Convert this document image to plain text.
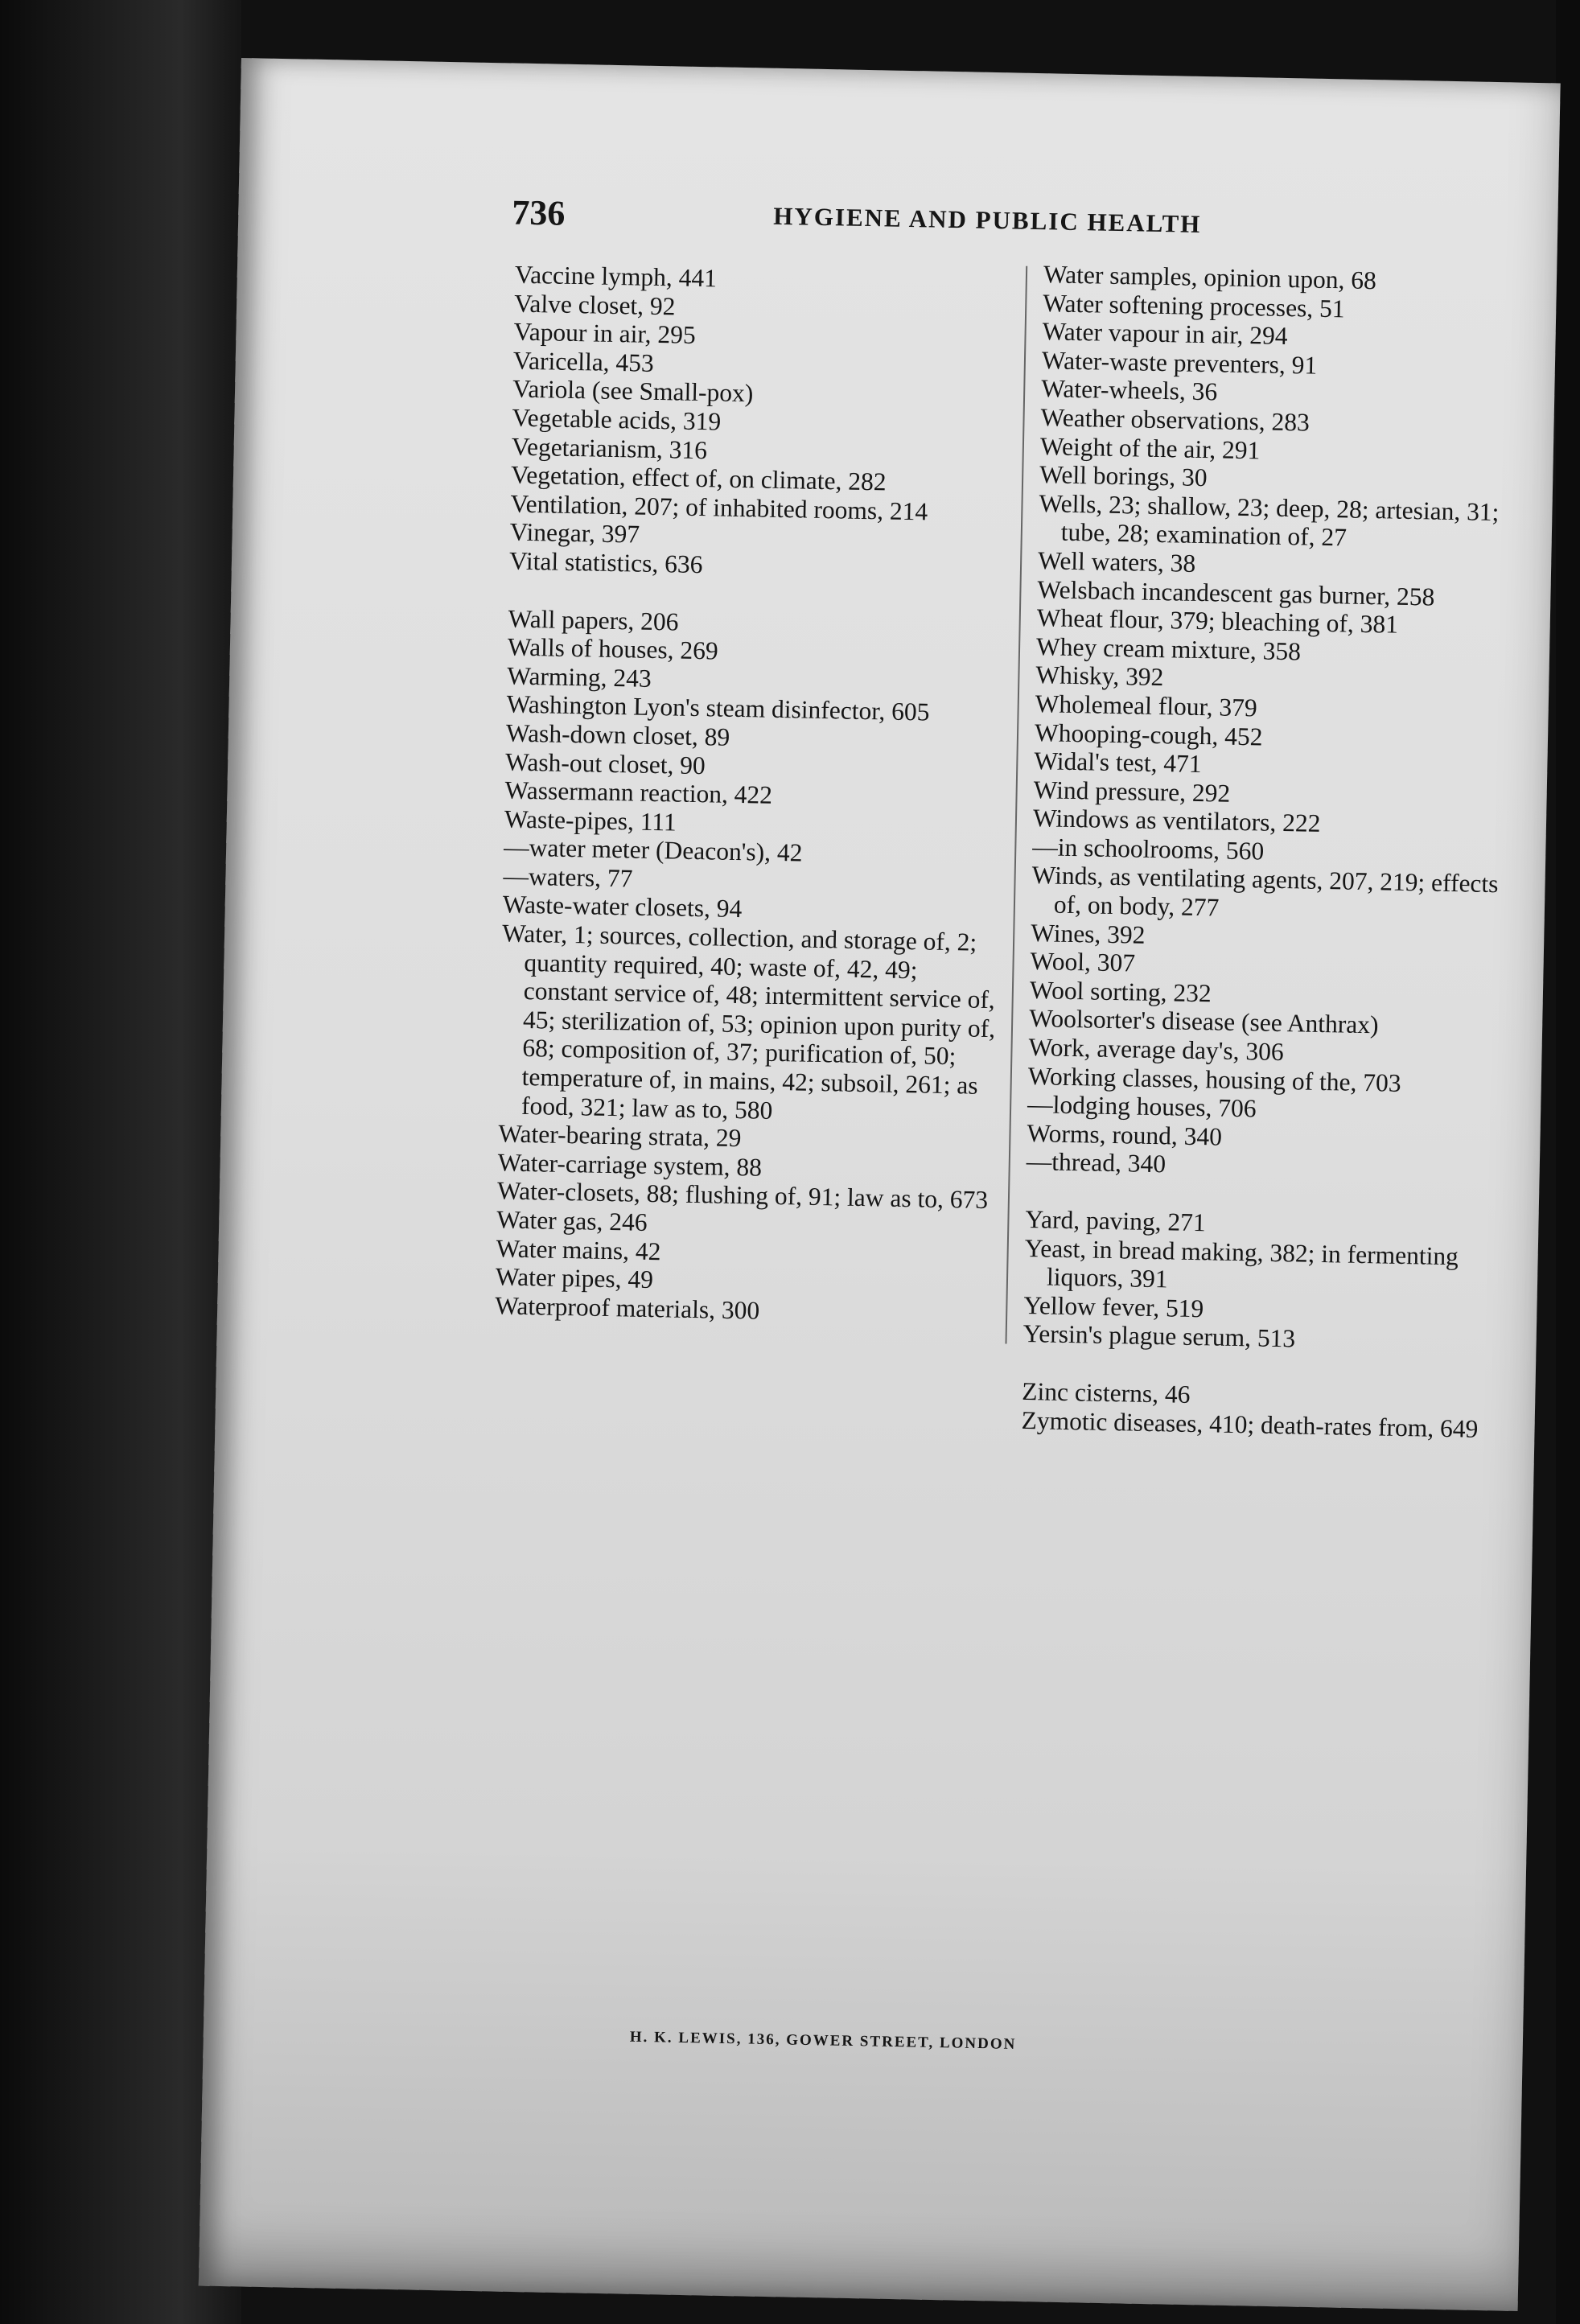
736	HYGIENE AND PUBLIC HEALTH
Vaccine lymph, 441
Valve closet, 92
Vapour in air, 295
Varicella, 453
Variola (see Small-pox)
Vegetable acids, 319
Vegetarianism, 316
Vegetation, effect of, on climate, 282
Ventilation, 207; of inhabited rooms, 214
Vinegar, 397
Vital statistics, 636
Wall papers, 206
Walls of houses, 269
Warming, 243
Washington Lyon's steam disinfector, 605
Wash-down closet, 89
Wash-out closet, 90
Wassermann reaction, 422
Waste-pipes, 111
—water meter (Deacon's), 42
—waters, 77
Waste-water closets, 94
Water, 1; sources, collection, and storage of, 2; quantity required, 40; waste of, 42, 49; constant service of, 48; intermittent service of, 45; sterilization of, 53; opinion upon purity of, 68; composition of, 37; purification of, 50; temperature of, in mains, 42; subsoil, 261; as food, 321; law as to, 580
Water-bearing strata, 29
Water-carriage system, 88
Water-closets, 88; flushing of, 91; law as to, 673
Water gas, 246
Water mains, 42
Water pipes, 49
Waterproof materials, 300
Water samples, opinion upon, 68
Water softening processes, 51
Water vapour in air, 294
Water-waste preventers, 91
Water-wheels, 36
Weather observations, 283
Weight of the air, 291
Well borings, 30
Wells, 23; shallow, 23; deep, 28; artesian, 31; tube, 28; examination of, 27
Well waters, 38
Welsbach incandescent gas burner, 258
Wheat flour, 379; bleaching of, 381
Whey cream mixture, 358
Whisky, 392
Wholemeal flour, 379
Whooping-cough, 452
Widal's test, 471
Wind pressure, 292
Windows as ventilators, 222
—in schoolrooms, 560
Winds, as ventilating agents, 207, 219; effects of, on body, 277
Wines, 392
Wool, 307
Wool sorting, 232
Woolsorter's disease (see Anthrax)
Work, average day's, 306
Working classes, housing of the, 703
—lodging houses, 706
Worms, round, 340
—thread, 340
Yard, paving, 271
Yeast, in bread making, 382; in fermenting liquors, 391
Yellow fever, 519
Yersin's plague serum, 513
Zinc cisterns, 46
Zymotic diseases, 410; death-rates from, 649
H. K. LEWIS, 136, GOWER STREET, LONDON
